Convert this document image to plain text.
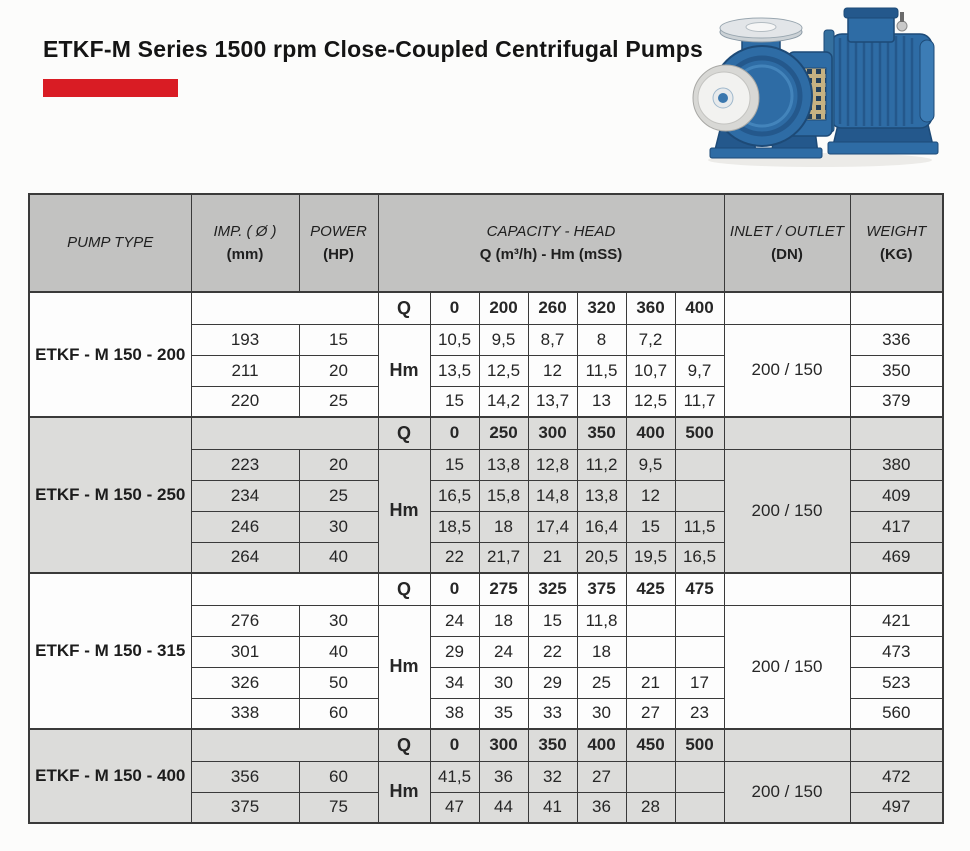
ETKF-M Series 1500 rpm Close-Coupled Centrifugal Pumps
PUMP TYPE

IMP. ( Ø )
(mm)

POWER
(HP)

CAPACITY - HEAD
Q (m³/h) - Hm (mSS)

INLET / OUTLET
(DN)

WEIGHT
(KG)

ETKF - M 150 - 200			Q	0	200	260	320	360	400		
	193	15	Hm	10,5	9,5	8,7	8	7,2		200 / 150	336
	211	20		13,5	12,5	12	11,5	10,7	9,7		350
	220	25		15	14,2	13,7	13	12,5	11,7		379
ETKF - M 150 - 250			Q	0	250	300	350	400	500		
	223	20	Hm	15	13,8	12,8	11,2	9,5		200 / 150	380
	234	25		16,5	15,8	14,8	13,8	12			409
	246	30		18,5	18	17,4	16,4	15	11,5		417
	264	40		22	21,7	21	20,5	19,5	16,5		469
ETKF - M 150 - 315			Q	0	275	325	375	425	475		
	276	30	Hm	24	18	15	11,8			200 / 150	421
	301	40		29	24	22	18				473
	326	50		34	30	29	25	21	17		523
	338	60		38	35	33	30	27	23		560
ETKF - M 150 - 400			Q	0	300	350	400	450	500		
	356	60	Hm	41,5	36	32	27			200 / 150	472
	375	75		47	44	41	36	28			497
